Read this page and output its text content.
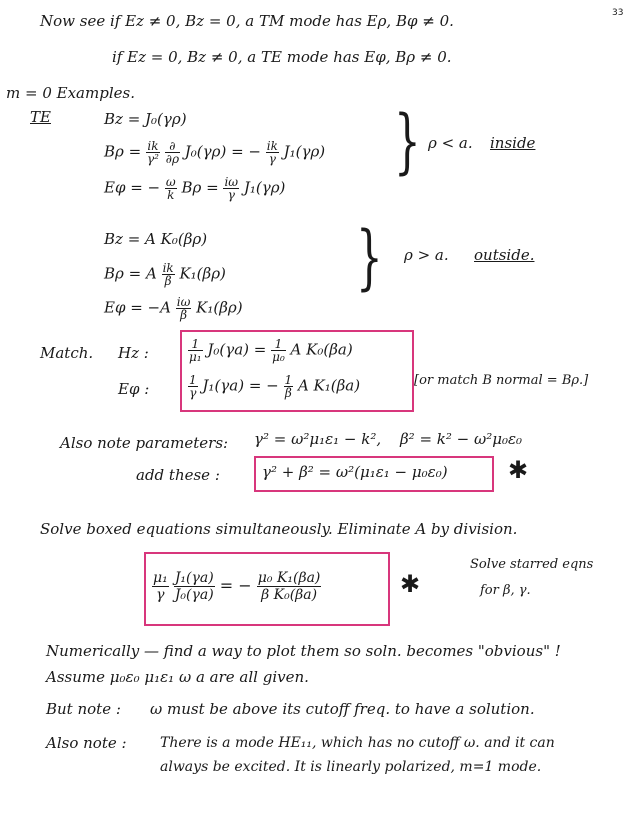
33
Now see if Ez ≠ 0, Bz = 0, a TM mode has Eρ, Bφ ≠ 0.
if Ez = 0, Bz ≠ 0, a TE mode has Eφ, Bρ ≠ 0.
m = 0 Examples.
TE	Bz = J₀(γρ)
$B\rho = \frac{ik}{\text{γ²}}$
$\frac{\partial}{\partial\rho} J_0(\gamma\rho)$ = − $\frac{ik}{\gamma} J_1(\gamma\rho)$
Eφ = − $\frac{\omega}{k}$ $B\rho = \frac{i\omega}{\gamma} J_1(\gamma\rho)$
} ρ < a. inside
Bz = A K₀(βρ)
Bρ = A $\frac{ik}{\beta} K_1(\beta\rho)$
$E\varphi = -A \frac{i\omega}{\beta} K_1(\beta\rho)$
} ρ > a. outside.
Match. Hz :
Eφ :
$\frac{1}{\text{μ₁}} J_0(\gamma a) = \frac{1}{\text{μ₀}}$ A K₀(βa)
$\frac{1}{\gamma} J_1(\gamma a)$ = − $\frac{1}{\beta}$ A K₁(βa)	[or match B normal = Bρ.]
Also note parameters: γ² = ω²μ₁ε₁ − k², β² = k² − ω²μ₀ε₀
add these :	γ² + β² = ω²(μ₁ε₁ − μ₀ε₀)	✱
Solve boxed equations simultaneously. Eliminate A by division.
$\frac{\text{μ₁}}{\gamma}$
$\frac{\text{J₁(γa)}}{\text{J₀(γa)}}$ = − $\frac{\text{μ₀ K₁(βa)}}{\text{β K₀(βa)}}$	✱
Solve starred eqns
for β, γ.
Numerically — find a way to plot them so soln. becomes "obvious" !
Assume μ₀ε₀ μ₁ε₁ ω a are all given.
But note : ω must be above its cutoff freq. to have a solution.
Also note : There is a mode HE₁₁, which has no cutoff ω. and it can
always be excited. It is linearly polarized, m=1 mode.
